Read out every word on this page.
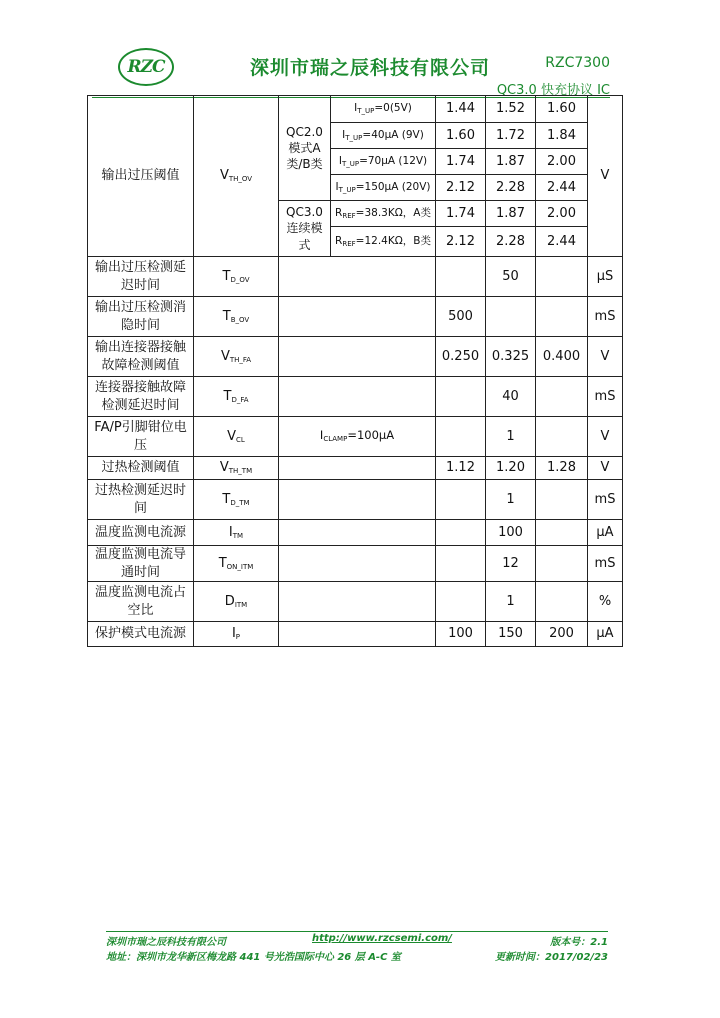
RZC	深圳市瑞之辰科技有限公司	RZC7300
QC3.0 快充协议 IC
输出过压阈值	$V_{TH\_OV}$	QC2.0 模式A 类/B类	$I_{T\_UP}=0(5V)$	1.44	1.52	1.60	V
			$I_{T\_UP}=40\mu A$ (9V)	1.60	1.72	1.84	
			$I_{T\_UP}=70\mu A$ (12V)	1.74	1.87	2.00	
			$I_{T\_UP}=150\mu A$ (20V)	2.12	2.28	2.44	
		QC3.0 连续模式	$R_{REF}=38.3K\Omega$，A类	1.74	1.87	2.00	
			$R_{REF}=12.4K\Omega$，B类	2.12	2.28	2.44	
输出过压检测延迟时间	$T_{D\_OV}$				50		µS
输出过压检测消隐时间	$T_{B\_OV}$			500			mS
输出连接器接触故障检测阈值	$V_{TH\_FA}$			0.250	0.325	0.400	V
连接器接触故障检测延迟时间	$T_{D\_FA}$				40		mS
FA/P引脚钳位电压	$V_{CL}$	$I_{CLAMP}=100\mu A$			1		V
过热检测阈值	$V_{TH\_TM}$			1.12	1.20	1.28	V
过热检测延迟时间	$T_{D\_TM}$				1		mS
温度监测电流源	$I_{TM}$				100		µA
温度监测电流导通时间	$T_{ON\_ITM}$				12		mS
温度监测电流占空比	$D_{ITM}$				1		%
保护模式电流源	$I_P$			100	150	200	µA
深圳市瑞之辰科技有限公司	http://www.rzcsemi.com/	版本号：2.1
地址：深圳市龙华新区梅龙路 441 号光浩国际中心 26 层 A-C 室	更新时间：2017/02/23
